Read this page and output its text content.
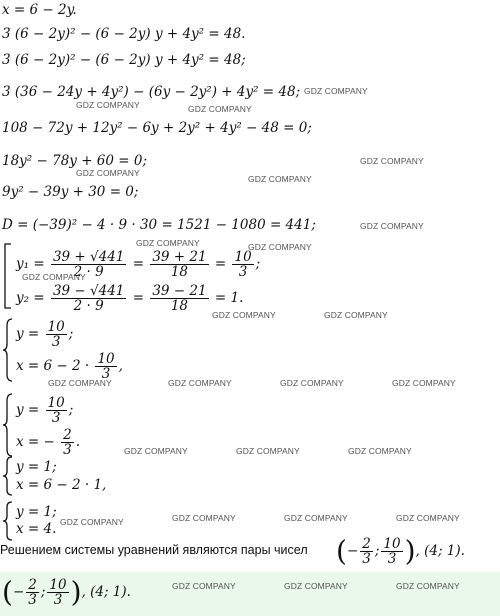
x = 6 − 2y.
3 (6 − 2y)² − (6 − 2y) y + 4y² = 48.
3 (6 − 2y)² − (6 − 2y) y + 4y² = 48;
3 (36 − 24y + 4y²) − (6y − 2y²) + 4y² = 48;
108 − 72y + 12y² − 6y + 2y² + 4y² − 48 = 0;
18y² − 78y + 60 = 0;
9y² − 39y + 30 = 0;
D = (−39)² − 4 · 9 · 30 = 1521 − 1080 = 441;
$y_1 = \frac{39 + √441}{2 \cdot 9} = \frac{39 + 21}{18} = \frac{10}{3}$ ;
$y_2 = \frac{39 - √441}{2 \cdot 9} = \frac{39 - 21}{18} = 1$.
$y = \frac{10}{3}$ ;
$x = 6 - 2 \cdot \frac{10}{3}$ ,
$y = \frac{10}{3}$ ;
x = − $\frac{2}{3}$ .
y = 1;
x = 6 − 2 · 1,
y = 1;
x = 4.
Решением системы уравнений являются пары чисел (− $\frac{2}{3}$ ; $\frac{10}{3}$ ), (4; 1).
(− $\frac{2}{3}$ ; $\frac{10}{3}$ ), (4; 1).
GDZ COMPANY
GDZ COMPANY	GDZ COMPANY
GDZ COMPANY
GDZ COMPANY
GDZ COMPANY
GDZ COMPANY
GDZ COMPANY	GDZ COMPANY
GDZ COMPANY
GDZ COMPANY	GDZ COMPANY
GDZ COMPANY	GDZ COMPANY	GDZ COMPANY	GDZ COMPANY
GDZ COMPANY	GDZ COMPANY	GDZ COMPANY
GDZ COMPANY	GDZ COMPANY	GDZ COMPANY	GDZ COMPANY
GDZ COMPANY	GDZ COMPANY	GDZ COMPANY
